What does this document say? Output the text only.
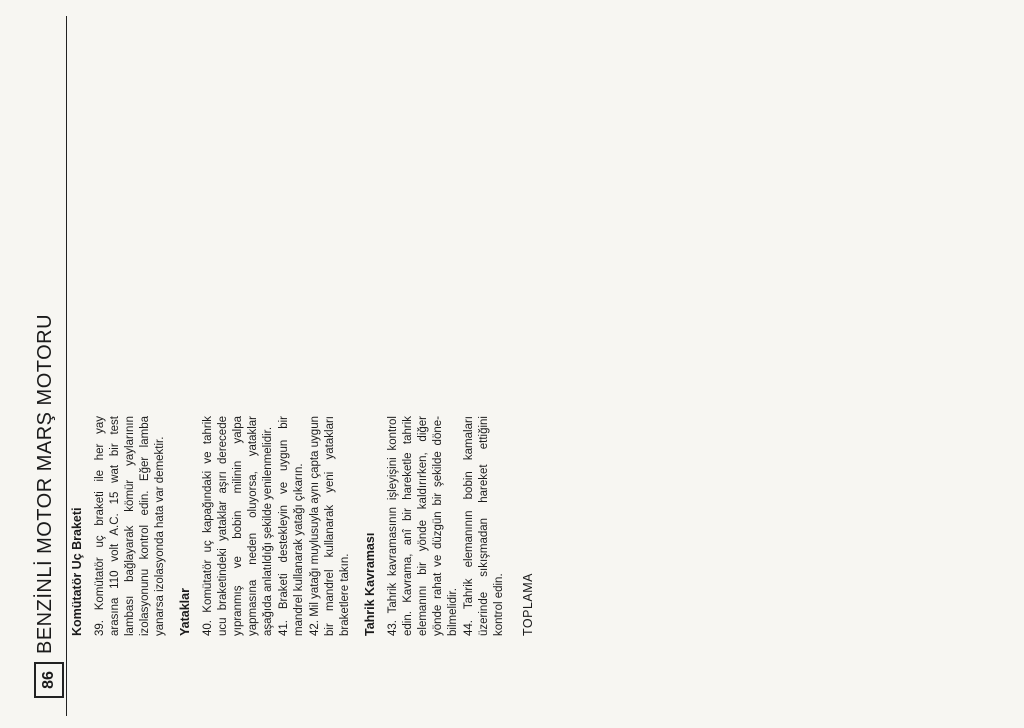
86
BENZİNLİ MOTOR MARŞ MOTORU Komütatör Uç Braketi 39. Komütatör uç braketi ile her yay arasına 110 volt A.C. 15 wat bir test lambası bağlayarak kömür yaylarının izolasyonunu kontrol edin. Eğer lamba yanarsa izolasyonda hata var demektir. Yataklar 40. Komütatör uç kapağındaki ve tahrik ucu braketindeki yataklar aşırı derecede yıpranmış ve bobin milinin yalpa yapmasına neden oluyorsa, yataklar aşağıda anlatıldığı şekilde yenilenmelidir. 41. Braketi destekleyin ve uygun bir mandrel kullanarak yatağı çıkarın. 42. Mil yatağı muylusuyla aynı çapta uygun bir mandrel kullanarak yeni yatakları braketlere takın. Tahrik Kavraması 43. Tahrik kavramasının işleyişini kontrol edin. Kavrama, anî bir hareketle tahrik elemanını bir yönde kaldırırken, diğer yönde rahat ve düzgün bir şekilde dönebilmelidir. 44. Tahrik elemanının bobin kamaları üzerinde sıkışmadan hareket ettiğini kontrol edin. TOPLAMA
